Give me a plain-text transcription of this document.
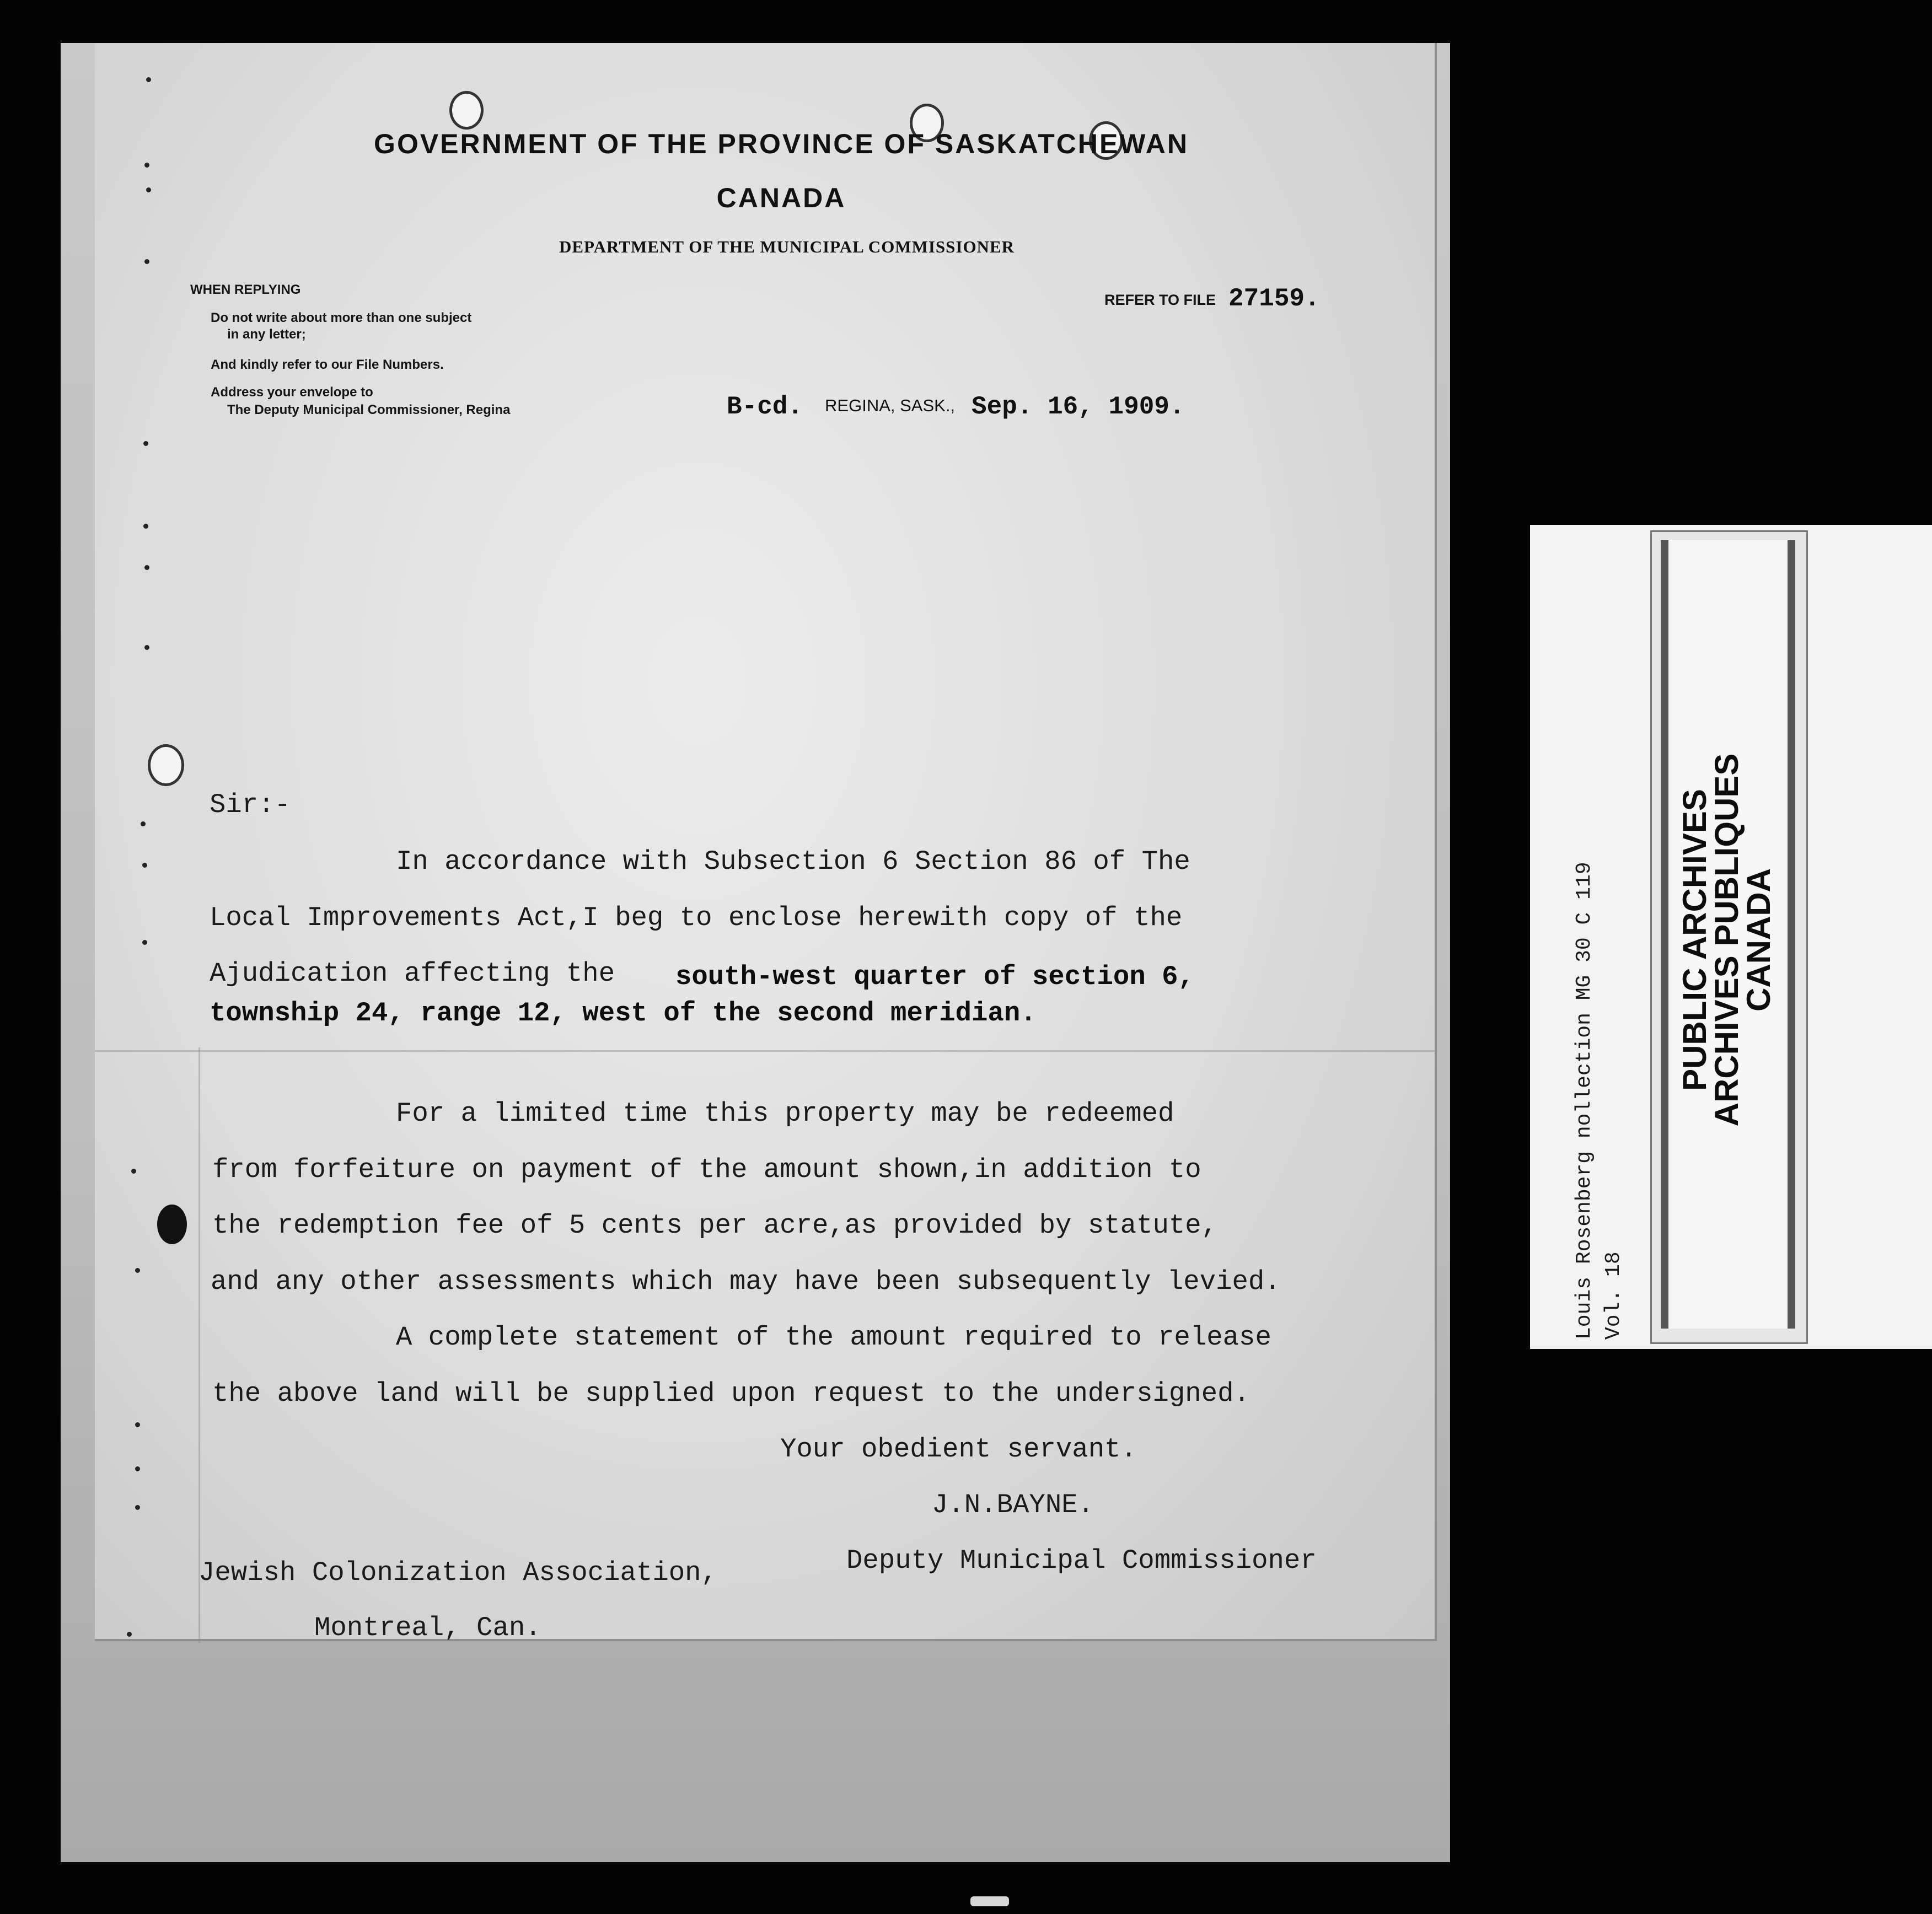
GOVERNMENT OF THE PROVINCE OF SASKATCHEWAN
CANADA
DEPARTMENT OF THE MUNICIPAL COMMISSIONER
WHEN REPLYING
Do not write about more than one subject
in any letter;
And kindly refer to our File Numbers.
Address your envelope to
The Deputy Municipal Commissioner, Regina
REFER TO FILE 27159.
B-cd. REGINA, SASK., Sep. 16, 1909.
Sir:-
In accordance with Subsection 6 Section 86 of The
Local Improvements Act,I beg to enclose herewith copy of the
Ajudication affecting the south-west quarter of section 6,
township 24, range 12, west of the second meridian.
For a limited time this property may be redeemed
from forfeiture on payment of the amount shown,in addition to
the redemption fee of 5 cents per acre,as provided by statute,
and any other assessments which may have been subsequently levied.
A complete statement of the amount required to release
the above land will be supplied upon request to the undersigned.
Your obedient servant.
J.N.BAYNE.
Deputy Municipal Commissioner
Jewish Colonization Association,
Montreal, Can.
Louis Rosenberg nollection MG 30 C 119 Vol. 18
PUBLIC ARCHIVES
ARCHIVES PUBLIQUES
CANADA
